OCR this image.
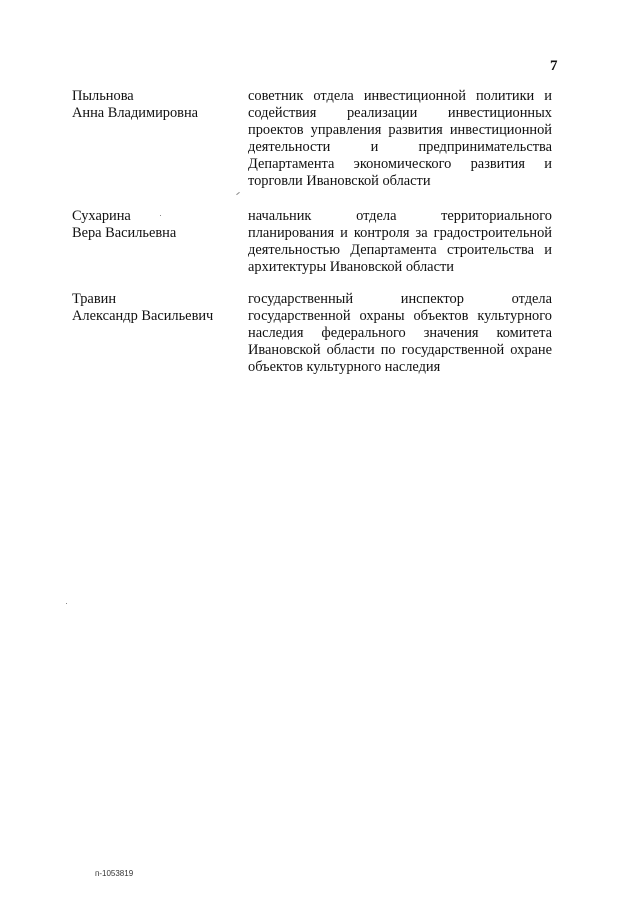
7
Пыльнова
Анна Владимировна
советник отдела инвестиционной политики и содействия реализации инвестиционных проектов управления развития инвестиционной деятельности и предпринимательства Департамента экономического развития и торговли Ивановской области
Сухарина
Вера Васильевна
начальник отдела территориального планирования и контроля за градостроительной деятельностью Департамента строительства и архитектуры Ивановской области
Травин
Александр Васильевич
государственный инспектор отдела государственной охраны объектов культурного наследия федерального значения комитета Ивановской области по государственной охране объектов культурного наследия
п-1053819
